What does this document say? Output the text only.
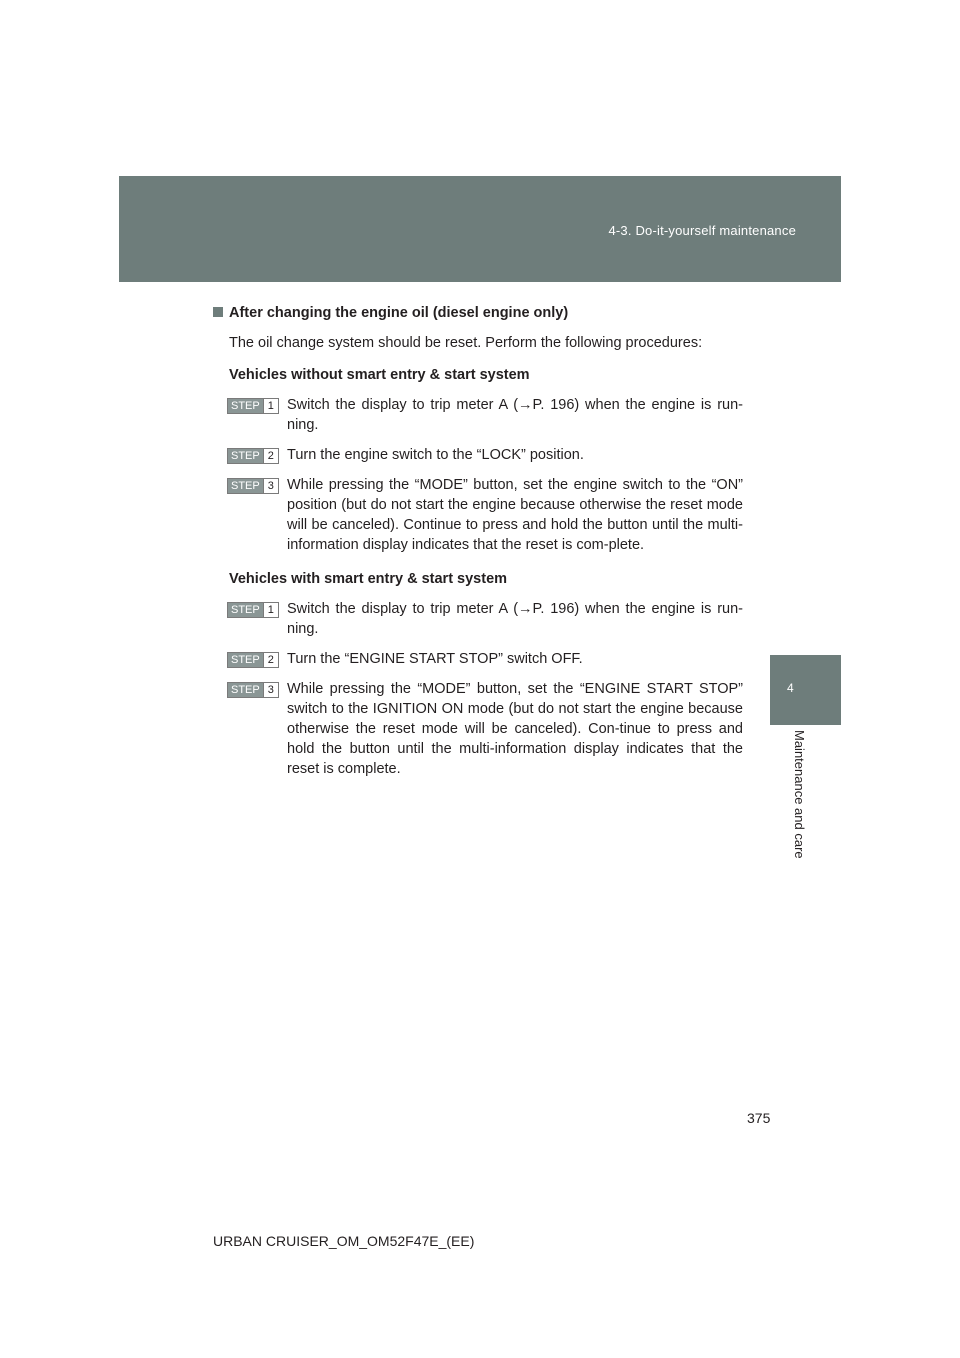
4-3. Do-it-yourself maintenance
4
Maintenance and care
After changing the engine oil (diesel engine only)
The oil change system should be reset. Perform the following procedures:
Vehicles without smart entry & start system
STEP 1 Switch the display to trip meter A (→P. 196) when the engine is run-ning.
STEP 2 Turn the engine switch to the “LOCK” position.
STEP 3 While pressing the “MODE” button, set the engine switch to the “ON” position (but do not start the engine because otherwise the reset mode will be canceled). Continue to press and hold the button until the multi-information display indicates that the reset is com-plete.
Vehicles with smart entry & start system
STEP 1 Switch the display to trip meter A (→P. 196) when the engine is run-ning.
STEP 2 Turn the “ENGINE START STOP” switch OFF.
STEP 3 While pressing the “MODE” button, set the “ENGINE START STOP” switch to the IGNITION ON mode (but do not start the engine because otherwise the reset mode will be canceled). Con-tinue to press and hold the button until the multi-information display indicates that the reset is complete.
375
URBAN CRUISER_OM_OM52F47E_(EE)
